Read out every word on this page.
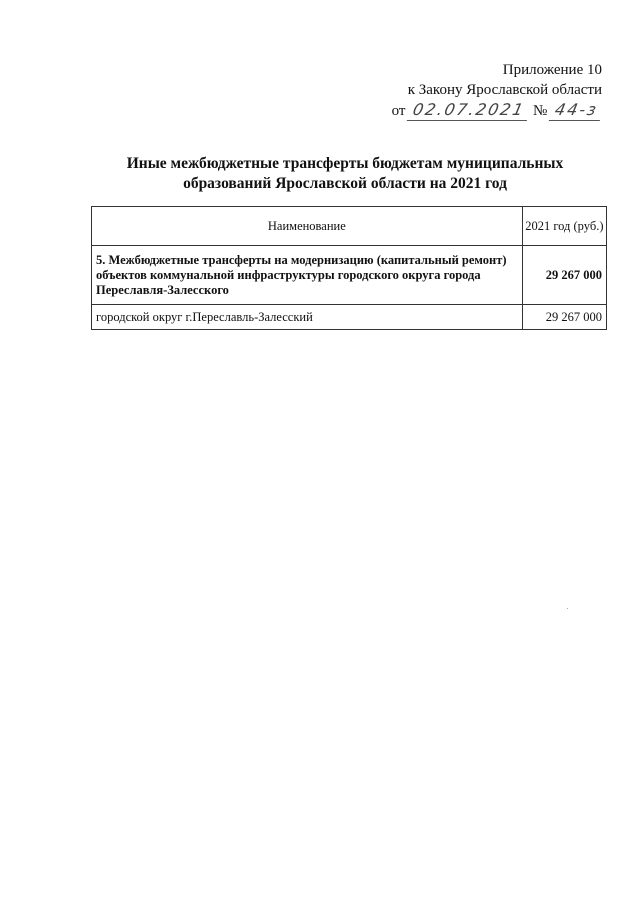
Приложение 10
к Закону Ярославской области
от 02.07.2021 № 44-з
Иные межбюджетные трансферты бюджетам муниципальных образований Ярославской области на 2021 год
Наименование	2021 год (руб.)
5. Межбюджетные трансферты на модернизацию (капитальный ремонт) объектов коммунальной инфраструктуры городского округа города Переславля-Залесского	29 267 000
городской округ г.Переславль-Залесский	29 267 000
